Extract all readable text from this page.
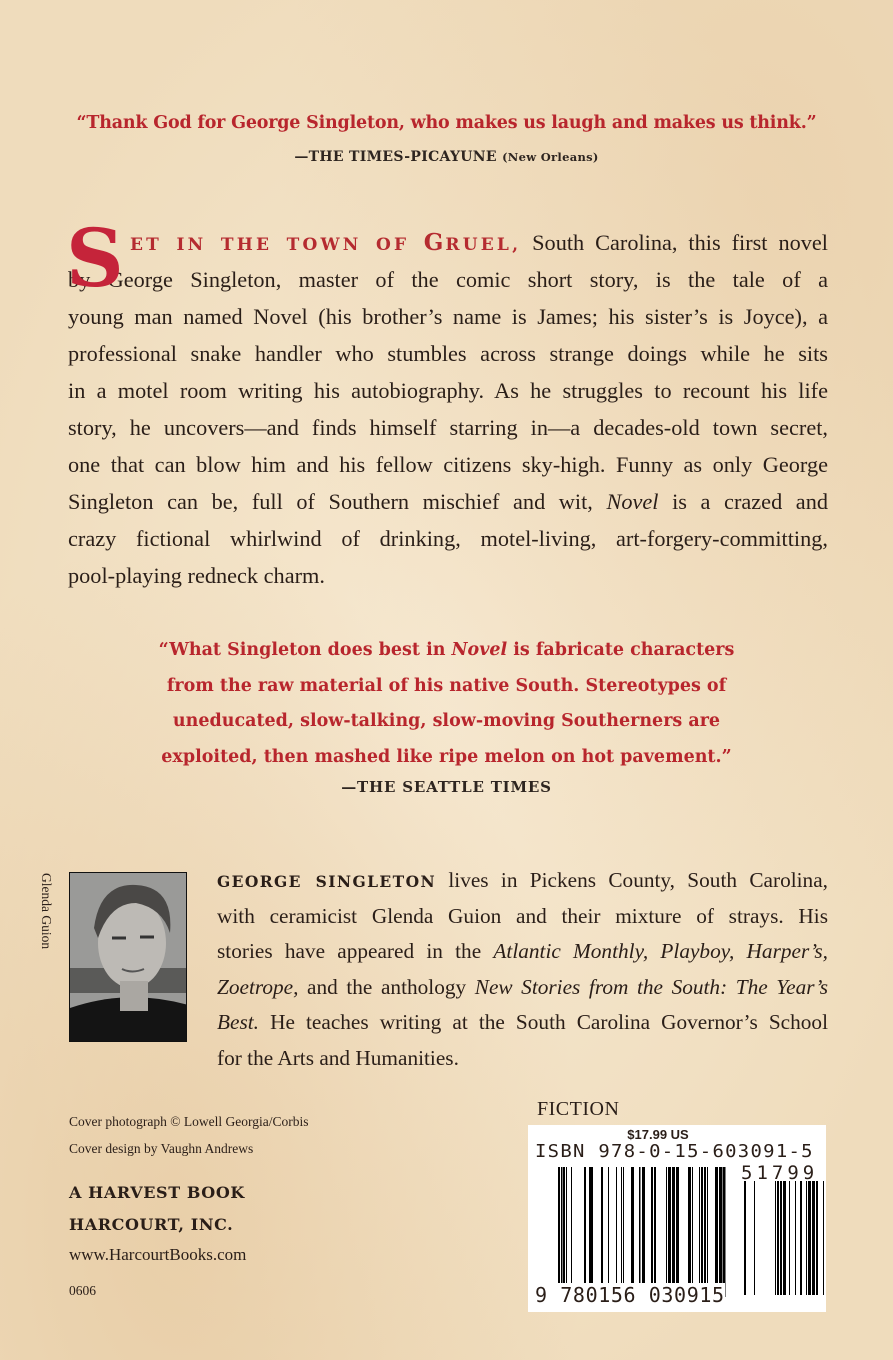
“Thank God for George Singleton, who makes us laugh and makes us think.”
—THE TIMES-PICAYUNE (New Orleans)
S ET IN THE TOWN OF GRUEL, South Carolina, this first novel
by George Singleton, master of the comic short story, is the tale of a
young man named Novel (his brother’s name is James; his sister’s is Joyce), a
professional snake handler who stumbles across strange doings while he sits
in a motel room writing his autobiography. As he struggles to recount his life
story, he uncovers—and finds himself starring in—a decades-old town secret,
one that can blow him and his fellow citizens sky-high. Funny as only George
Singleton can be, full of Southern mischief and wit, Novel is a crazed and
crazy fictional whirlwind of drinking, motel-living, art-forgery-committing,
pool-playing redneck charm.
“What Singleton does best in Novel is fabricate characters
from the raw material of his native South. Stereotypes of
uneducated, slow-talking, slow-moving Southerners are
exploited, then mashed like ripe melon on hot pavement.”
—THE SEATTLE TIMES
Glenda Guion	GEORGE SINGLETON lives in Pickens County, South Carolina,
with ceramicist Glenda Guion and their mixture of strays. His
stories have appeared in the Atlantic Monthly, Playboy, Harper’s,
Zoetrope, and the anthology New Stories from the South: The Year’s
Best. He teaches writing at the South Carolina Governor’s School
for the Arts and Humanities.
Cover photograph © Lowell Georgia/Corbis
Cover design by Vaughn Andrews
A HARVEST BOOK
HARCOURT, INC.
www.HarcourtBooks.com
0606
FICTION
$17.99 US
ISBN 978-0-15-603091-5
51799
9 780156 030915
